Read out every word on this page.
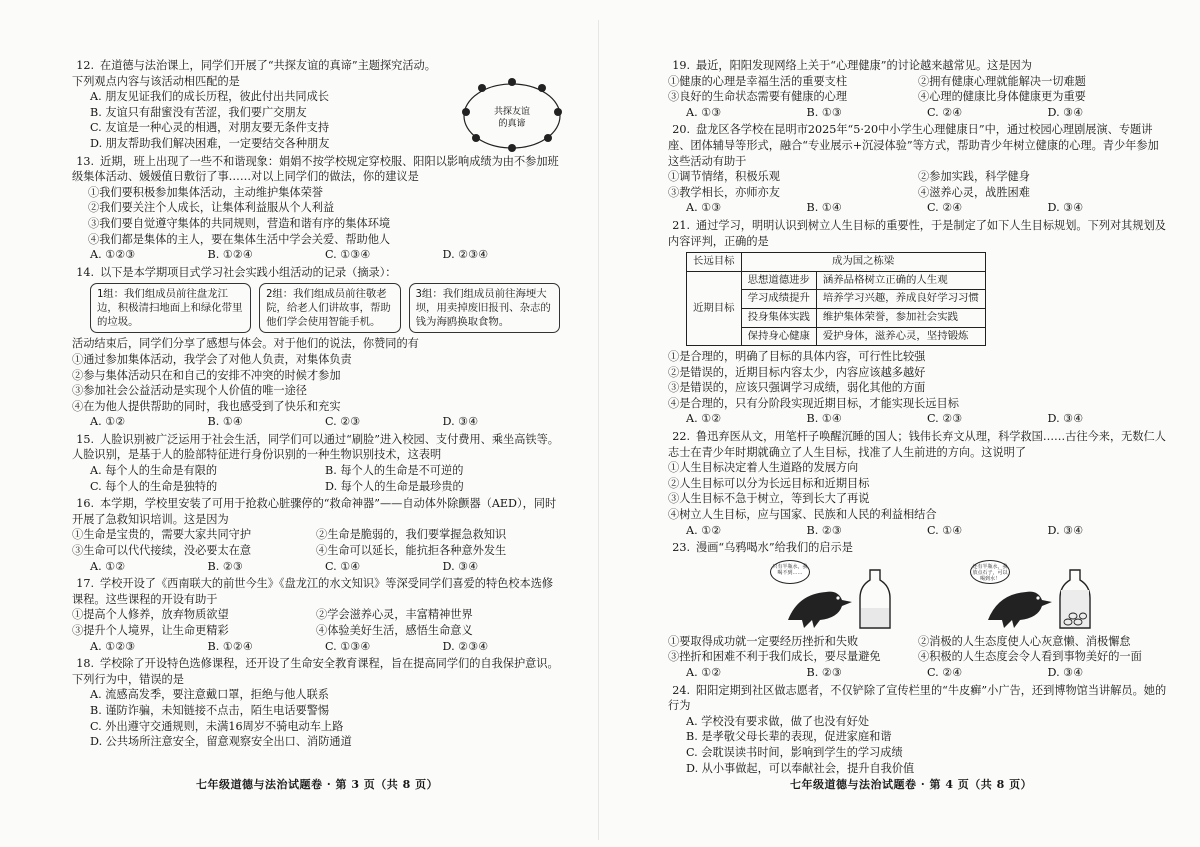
12. 在道德与法治课上，同学们开展了“共探友谊的真谛”主题探究活动。下列观点内容与该活动相匹配的是
A. 朋友见证我们的成长历程，彼此付出共同成长
B. 友谊只有甜蜜没有苦涩，我们要广交朋友
C. 友谊是一种心灵的相遇，对朋友要无条件支持
D. 朋友帮助我们解决困难，一定要结交各种朋友
共探友谊
的真谛
13. 近期，班上出现了一些不和谐现象：娟娟不按学校规定穿校服、阳阳以影响成绩为由不参加班级集体活动、媛媛值日敷衍了事……对以上同学们的做法，你的建议是
①我们要积极参加集体活动，主动维护集体荣誉
②我们要关注个人成长，让集体利益服从个人利益
③我们要自觉遵守集体的共同规则，营造和谐有序的集体环境
④我们都是集体的主人，要在集体生活中学会关爱、帮助他人
A. ①②③	B. ①②④	C. ①③④	D. ②③④
14. 以下是本学期项目式学习社会实践小组活动的记录（摘录）：
1组：我们组成员前往盘龙江边，积极清扫地面上和绿化带里的垃圾。
2组：我们组成员前往敬老院，给老人们讲故事，帮助他们学会使用智能手机。
3组：我们组成员前往海埂大坝，用卖掉废旧报刊、杂志的钱为海鸥换取食物。
活动结束后，同学们分享了感想与体会。对于他们的说法，你赞同的有
①通过参加集体活动，我学会了对他人负责，对集体负责
②参与集体活动只在和自己的安排不冲突的时候才参加
③参加社会公益活动是实现个人价值的唯一途径
④在为他人提供帮助的同时，我也感受到了快乐和充实
A. ①②	B. ①④	C. ②③	D. ③④
15. 人脸识别被广泛运用于社会生活，同学们可以通过“刷脸”进入校园、支付费用、乘坐高铁等。人脸识别，是基于人的脸部特征进行身份识别的一种生物识别技术，这表明
A. 每个人的生命是有限的	B. 每个人的生命是不可逆的
C. 每个人的生命是独特的	D. 每个人的生命是最珍贵的
16. 本学期，学校里安装了可用于抢救心脏骤停的“救命神器”——自动体外除颤器（AED），同时开展了急救知识培训。这是因为
①生命是宝贵的，需要大家共同守护	②生命是脆弱的，我们要掌握急救知识
③生命可以代代接续，没必要太在意	④生命可以延长，能抗拒各种意外发生
A. ①②	B. ②③	C. ①④	D. ③④
17. 学校开设了《西南联大的前世今生》《盘龙江的水文知识》等深受同学们喜爱的特色校本选修课程。这些课程的开设有助于
①提高个人修养，放弃物质欲望	②学会滋养心灵，丰富精神世界
③提升个人境界，让生命更精彩	④体验美好生活，感悟生命意义
A. ①②③	B. ①②④	C. ①③④	D. ②③④
18. 学校除了开设特色选修课程，还开设了生命安全教育课程，旨在提高同学们的自我保护意识。下列行为中，错误的是
A. 流感高发季，要注意戴口罩，拒绝与他人联系
B. 谨防诈骗，未知链接不点击，陌生电话要警惕
C. 外出遵守交通规则，未满16周岁不骑电动车上路
D. 公共场所注意安全，留意观察安全出口、消防通道
七年级道德与法治试题卷 · 第 3 页（共 8 页）
19. 最近，阳阳发现网络上关于“心理健康”的讨论越来越常见。这是因为
①健康的心理是幸福生活的重要支柱	②拥有健康心理就能解决一切难题
③良好的生命状态需要有健康的心理	④心理的健康比身体健康更为重要
A. ①③	B. ①③	C. ②④	D. ③④
20. 盘龙区各学校在昆明市2025年“5·20中小学生心理健康日”中，通过校园心理剧展演、专题讲座、团体辅导等形式，融合“专业展示+沉浸体验”等方式，帮助青少年树立健康的心理。青少年参加这些活动有助于
①调节情绪，积极乐观	②参加实践，科学健身
③教学相长，亦师亦友	④滋养心灵，战胜困难
A. ①③	B. ①④	C. ②④	D. ③④
21. 通过学习，明明认识到树立人生目标的重要性，于是制定了如下人生目标规划。下列对其规划及内容评判，正确的是
长远目标	成为国之栋梁	
近期目标	思想道德进步	涵养品格树立正确的人生观
	学习成绩提升	培养学习兴趣，养成良好学习习惯
	投身集体实践	维护集体荣誉，参加社会实践
	保持身心健康	爱护身体，滋养心灵，坚持锻炼
①是合理的，明确了目标的具体内容，可行性比较强
②是错误的，近期目标内容太少，内容应该越多越好
③是错误的，应该只强调学习成绩，弱化其他的方面
④是合理的，只有分阶段实现近期目标，才能实现长远目标
A. ①②	B. ①④	C. ②③	D. ③④
22. 鲁迅弃医从文，用笔杆子唤醒沉睡的国人；钱伟长弃文从理，科学救国……古往今来，无数仁人志士在青少年时期就确立了人生目标，找准了人生前进的方向。这说明了
①人生目标决定着人生道路的发展方向
②人生目标可以分为长远目标和近期目标
③人生目标不急于树立，等到长大了再说
④树立人生目标，应与国家、民族和人民的利益相结合
A. ①②	B. ②③	C. ①④	D. ③④
23. 漫画“乌鸦喝水”给我们的启示是
只有半瓶水，我喝不到……
还有半瓶水，我放点石子，可以喝到水！
①要取得成功就一定要经历挫折和失败	②消极的人生态度使人心灰意懒、消极懈怠
③挫折和困难不利于我们成长，要尽量避免	④积极的人生态度会令人看到事物美好的一面
A. ①②	B. ②③	C. ②④	D. ③④
24. 阳阳定期到社区做志愿者，不仅铲除了宣传栏里的“牛皮癣”小广告，还到博物馆当讲解员。她的行为
A. 学校没有要求做，做了也没有好处
B. 是孝敬父母长辈的表现，促进家庭和谐
C. 会耽误读书时间，影响到学生的学习成绩
D. 从小事做起，可以奉献社会，提升自我价值
七年级道德与法治试题卷 · 第 4 页（共 8 页）
